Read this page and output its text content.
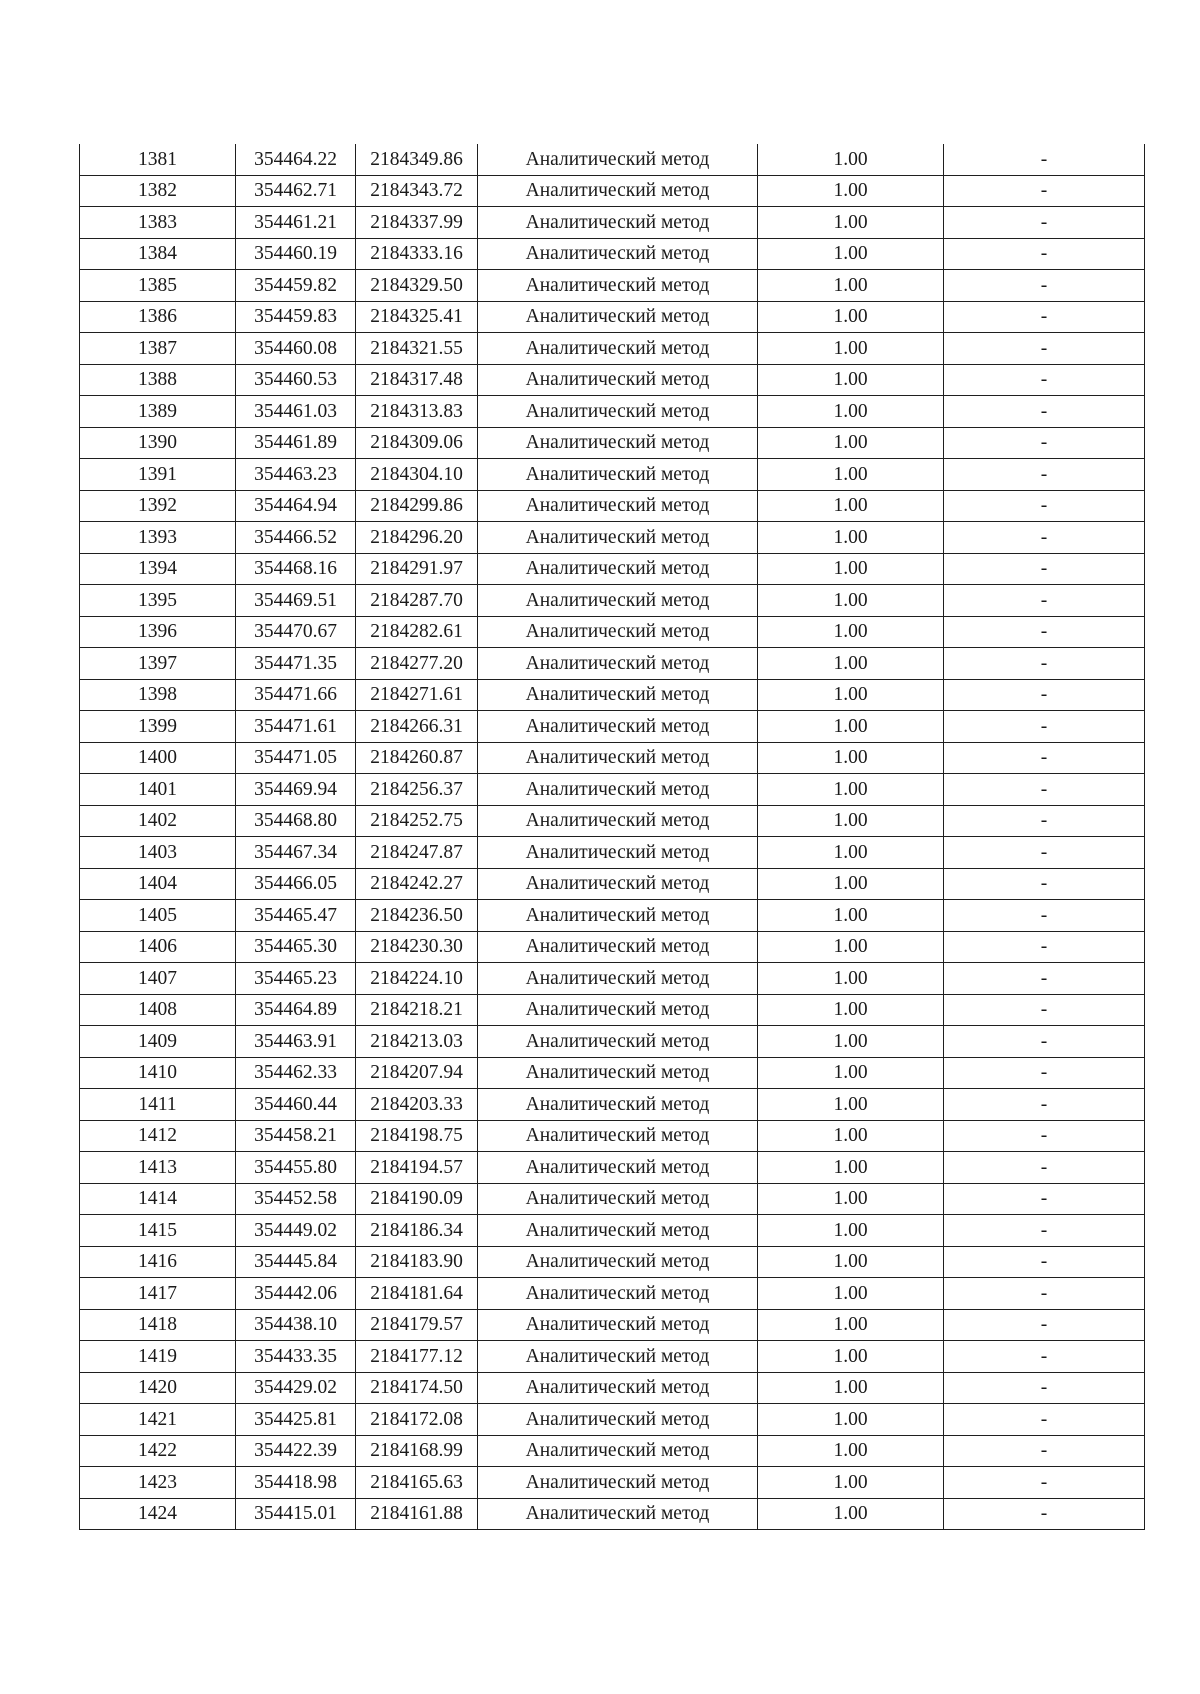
1381	354464.22	2184349.86	Аналитический метод	1.00	-
1382	354462.71	2184343.72	Аналитический метод	1.00	-
1383	354461.21	2184337.99	Аналитический метод	1.00	-
1384	354460.19	2184333.16	Аналитический метод	1.00	-
1385	354459.82	2184329.50	Аналитический метод	1.00	-
1386	354459.83	2184325.41	Аналитический метод	1.00	-
1387	354460.08	2184321.55	Аналитический метод	1.00	-
1388	354460.53	2184317.48	Аналитический метод	1.00	-
1389	354461.03	2184313.83	Аналитический метод	1.00	-
1390	354461.89	2184309.06	Аналитический метод	1.00	-
1391	354463.23	2184304.10	Аналитический метод	1.00	-
1392	354464.94	2184299.86	Аналитический метод	1.00	-
1393	354466.52	2184296.20	Аналитический метод	1.00	-
1394	354468.16	2184291.97	Аналитический метод	1.00	-
1395	354469.51	2184287.70	Аналитический метод	1.00	-
1396	354470.67	2184282.61	Аналитический метод	1.00	-
1397	354471.35	2184277.20	Аналитический метод	1.00	-
1398	354471.66	2184271.61	Аналитический метод	1.00	-
1399	354471.61	2184266.31	Аналитический метод	1.00	-
1400	354471.05	2184260.87	Аналитический метод	1.00	-
1401	354469.94	2184256.37	Аналитический метод	1.00	-
1402	354468.80	2184252.75	Аналитический метод	1.00	-
1403	354467.34	2184247.87	Аналитический метод	1.00	-
1404	354466.05	2184242.27	Аналитический метод	1.00	-
1405	354465.47	2184236.50	Аналитический метод	1.00	-
1406	354465.30	2184230.30	Аналитический метод	1.00	-
1407	354465.23	2184224.10	Аналитический метод	1.00	-
1408	354464.89	2184218.21	Аналитический метод	1.00	-
1409	354463.91	2184213.03	Аналитический метод	1.00	-
1410	354462.33	2184207.94	Аналитический метод	1.00	-
1411	354460.44	2184203.33	Аналитический метод	1.00	-
1412	354458.21	2184198.75	Аналитический метод	1.00	-
1413	354455.80	2184194.57	Аналитический метод	1.00	-
1414	354452.58	2184190.09	Аналитический метод	1.00	-
1415	354449.02	2184186.34	Аналитический метод	1.00	-
1416	354445.84	2184183.90	Аналитический метод	1.00	-
1417	354442.06	2184181.64	Аналитический метод	1.00	-
1418	354438.10	2184179.57	Аналитический метод	1.00	-
1419	354433.35	2184177.12	Аналитический метод	1.00	-
1420	354429.02	2184174.50	Аналитический метод	1.00	-
1421	354425.81	2184172.08	Аналитический метод	1.00	-
1422	354422.39	2184168.99	Аналитический метод	1.00	-
1423	354418.98	2184165.63	Аналитический метод	1.00	-
1424	354415.01	2184161.88	Аналитический метод	1.00	-
